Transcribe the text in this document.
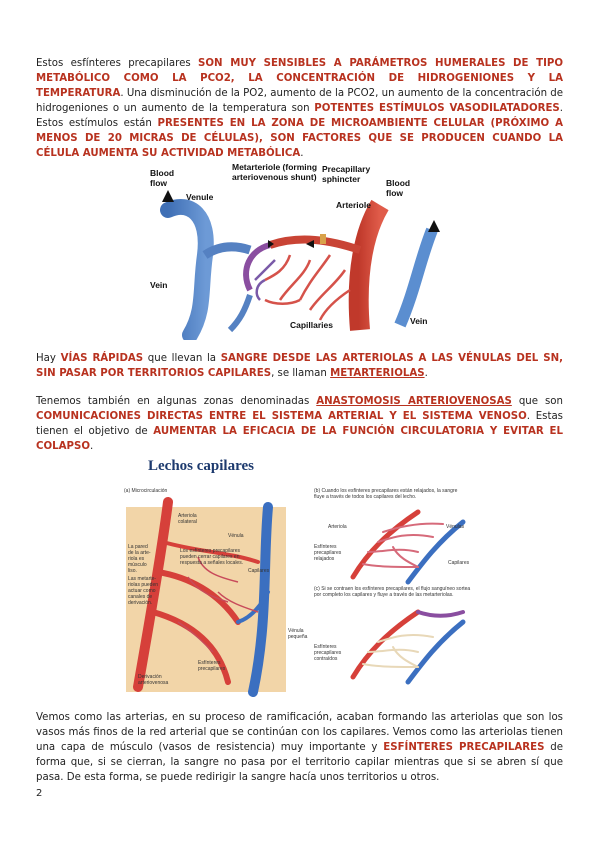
Estos esfínteres precapilares SON MUY SENSIBLES A PARÁMETROS HUMERALES DE TIPO METABÓLICO COMO LA PCO2, LA CONCENTRACIÓN DE HIDROGENIONES Y LA TEMPERATURA. Una disminución de la PO2, aumento de la PCO2, un aumento de la concentración de hidrogeniones o un aumento de la temperatura son POTENTES ESTÍMULOS VASODILATADORES. Estos estímulos están PRESENTES EN LA ZONA DE MICROAMBIENTE CELULAR (PRÓXIMO A MENOS DE 20 MICRAS DE CÉLULAS), SON FACTORES QUE SE PRODUCEN CUANDO LA CÉLULA AUMENTA SU ACTIVIDAD METABÓLICA.

Blood
flow
Venule
Metarteriole (forming
arteriovenous shunt)
Precapillary
sphincter	Blood
flow
Arteriole
Vein
Capillaries	Vein

Hay VÍAS RÁPIDAS que llevan la SANGRE DESDE LAS ARTERIOLAS A LAS VÉNULAS DEL SN, SIN PASAR POR TERRITORIOS CAPILARES, se llaman METARTERIOLAS.

Tenemos también en algunas zonas denominadas ANASTOMOSIS ARTERIOVENOSAS que son COMUNICACIONES DIRECTAS ENTRE EL SISTEMA ARTERIAL Y EL SISTEMA VENOSO. Estas tienen el objetivo de AUMENTAR LA EFICACIA DE LA FUNCIÓN CIRCULATORIA Y EVITAR EL COLAPSO.

Lechos capilares
(a) Microcirculación
Arteriola
colateral
Vénula
La pared
de la arte-
riola es
músculo
liso.
Los esfínteres precapilares
pueden cerrar capilares en
respuesta a señales locales.
Las metarte-
riolas pueden
actuar como
canales de
derivación.
Capilares
Vénula
pequeña
Esfínteres
precapilares
Derivación
arteriovenosa
(b) Cuando los esfínteres precapilares están relajados, la sangre
fluye a través de todos los capilares del lecho.
Arteriola	Vénulas
Esfínteres
precapilares
relajados
Capilares
(c) Si se contraen los esfínteres precapilares, el flujo sanguíneo sortea
por completo los capilares y fluye a través de las metarteriolas.
Esfínteres
precapilares
contraídos

Vemos como las arterias, en su proceso de ramificación, acaban formando las arteriolas que son los vasos más finos de la red arterial que se continúan con los capilares. Vemos como las arteriolas tienen una capa de músculo (vasos de resistencia) muy importante y ESFÍNTERES PRECAPILARES de forma que, si se cierran, la sangre no pasa por el territorio capilar mientras que si se abren sí que pasa. De esta forma, se puede redirigir la sangre hacía unos territorios u otros.

2
